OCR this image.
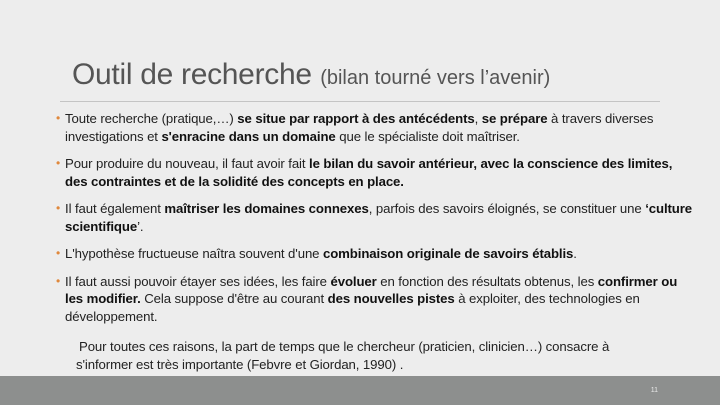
Outil de recherche (bilan tourné vers l’avenir)
• Toute recherche (pratique,…) se situe par rapport à des antécédents, se prépare à travers diverses investigations et s'enracine dans un domaine que le spécialiste doit maîtriser.
• Pour produire du nouveau, il faut avoir fait le bilan du savoir antérieur, avec la conscience des limites, des contraintes et de la solidité des concepts en place.
• Il faut également maîtriser les domaines connexes, parfois des savoirs éloignés, se constituer une ‘culture scientifique’.
• L'hypothèse fructueuse naîtra souvent d'une combinaison originale de savoirs établis.
• Il faut aussi pouvoir étayer ses idées, les faire évoluer en fonction des résultats obtenus, les confirmer ou les modifier. Cela suppose d'être au courant des nouvelles pistes à exploiter, des technologies en développement.
Pour toutes ces raisons, la part de temps que le chercheur (praticien, clinicien…) consacre à
s'informer est très importante (Febvre et Giordan, 1990) .
11
